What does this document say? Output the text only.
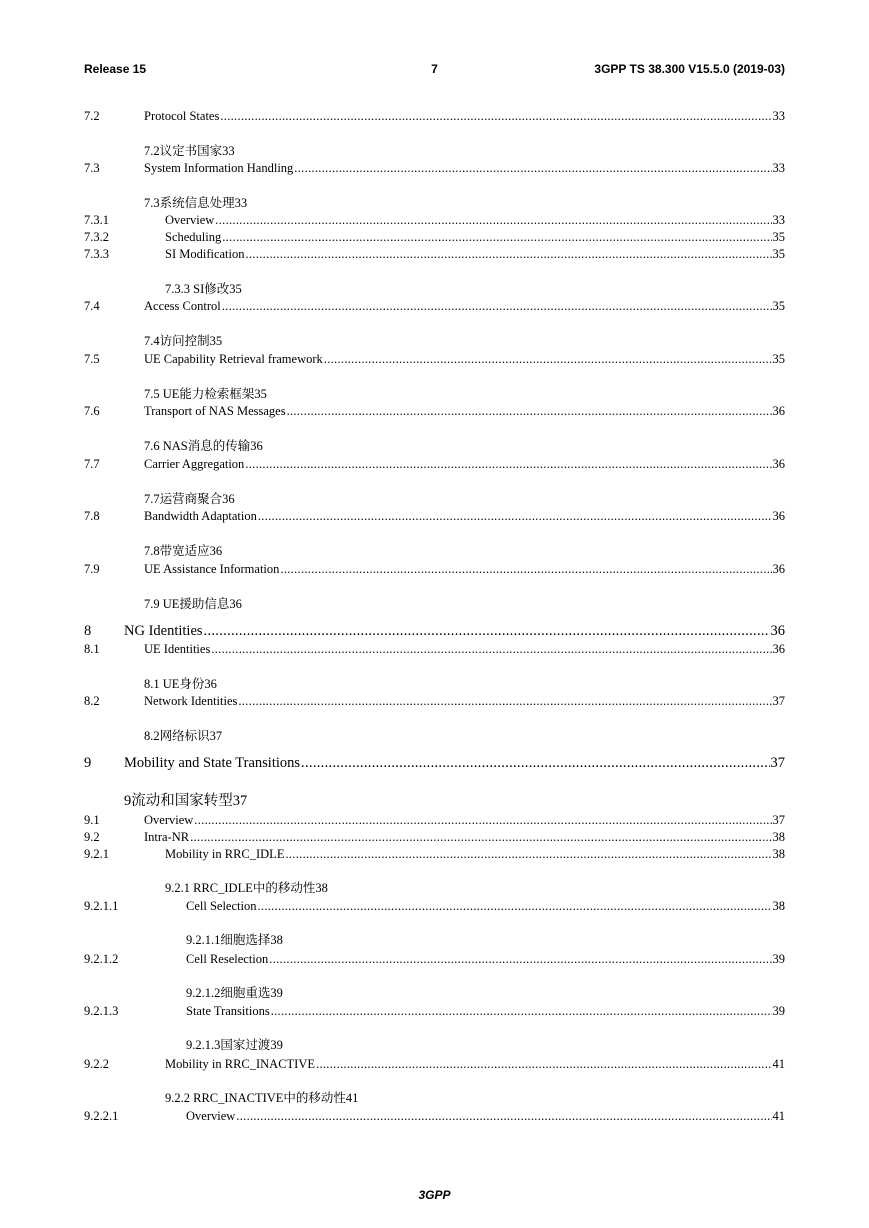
Release 15	7	3GPP TS 38.300 V15.5.0 (2019-03)
7.2	Protocol States .....	33
7.2议定书国家33
7.3	System Information Handling .....	33
7.3系统信息处理33
7.3.1	Overview .....	33
7.3.2	Scheduling .....	35
7.3.3	SI Modification .....	35
7.3.3 SI修改35
7.4	Access Control .....	35
7.4访问控制35
7.5	UE Capability Retrieval framework .....	35
7.5 UE能力检索框架35
7.6	Transport of NAS Messages .....	36
7.6 NAS消息的传输36
7.7	Carrier Aggregation .....	36
7.7运营商聚合36
7.8	Bandwidth Adaptation .....	36
7.8带宽适应36
7.9	UE Assistance Information .....	36
7.9 UE援助信息36
8 NG Identities .....	36
8.1	UE Identities .....	36
8.1 UE身份36
8.2	Network Identities .....	37
8.2网络标识37
9 Mobility and State Transitions .....	37
9流动和国家转型37
9.1	Overview .....	37
9.2	Intra-NR .....	38
9.2.1	Mobility in RRC_IDLE .....	38
9.2.1 RRC_IDLE中的移动性38
9.2.1.1	Cell Selection .....	38
9.2.1.1细胞选择38
9.2.1.2	Cell Reselection .....	39
9.2.1.2细胞重选39
9.2.1.3	State Transitions .....	39
9.2.1.3国家过渡39
9.2.2	Mobility in RRC_INACTIVE .....	41
9.2.2 RRC_INACTIVE中的移动性41
9.2.2.1	Overview .....	41
3GPP
